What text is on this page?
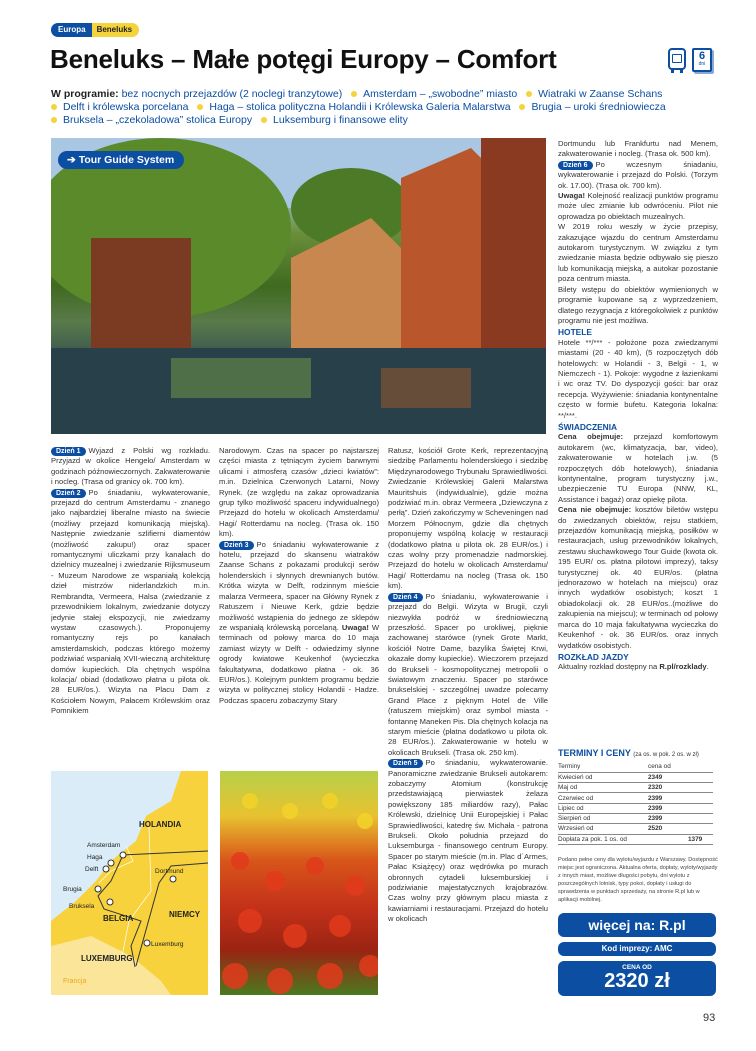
Europa	Beneluks
Beneluks – Małe potęgi Europy – Comfort	6
dni
W programie: bez nocnych przejazdów (2 noclegi tranzytowe) Amsterdam – „swobodne” miasto Wiatraki w Zaanse Schans
Delft i królewska porcelana Haga – stolica polityczna Holandii i Królewska Galeria Malarstwa Brugia – uroki średniowiecza
Bruksela – „czekoladowa” stolica Europy Luksemburg i finansowe elity
➔ Tour Guide System

Dzień 1 Wyjazd z Polski wg rozkładu. Przyjazd w okolice Hengelo/ Amsterdam w godzinach późnowieczornych. Zakwaterowanie i nocleg. (Trasa od granicy ok. 700 km).

Dzień 2 Po śniadaniu, wykwaterowanie, przejazd do centrum Amsterdamu - znanego jako najbardziej liberalne miasto na świecie (możliwy przejazd komunikacją miejską). Następnie zwiedzanie szlifierni diamentów (możliwość zakupu!) oraz spacer romantycznymi uliczkami przy kanałach do dzielnicy muzealnej i zwiedzanie Rijksmuseum - Muzeum Narodowe ze wspaniałą kolekcją dzieł mistrzów niderlandzkich m.in. Rembrandta, Vermeera, Halsa (zwiedzanie z przewodnikiem lokalnym, zwiedzanie dotyczy jedynie stałej ekspozycji, nie zwiedzamy wystaw czasowych.). Proponujemy romantyczny rejs po kanałach amsterdamskich, podczas którego możemy podziwiać wspaniałą XVII-wieczną architekturę domów kupieckich. Dla chętnych wspólna kolacja/ obiad (dodatkowo płatna u pilota ok. 28 EUR/os.). Wizyta na Placu Dam z Kościołem Nowym, Pałacem Królewskim oraz Pomnikiem

Narodowym. Czas na spacer po najstarszej części miasta z tętniącym życiem barwnymi ulicami i atmosferą czasów „dzieci kwiatów”: m.in. Dzielnica Czerwonych Latarni, Nowy Rynek. (ze względu na zakaz oprowadzania grup tylko możliwość spaceru indywidualnego) Przejazd do hotelu w okolicach Amsterdamu/ Hagi/ Rotterdamu na nocleg. (Trasa ok. 150 km).

Dzień 3 Po śniadaniu wykwaterowanie z hotelu, przejazd do skansenu wiatraków Zaanse Schans z pokazami produkcji serów holenderskich i słynnych drewnianych butów. Krótka wizyta w Delft, rodzinnym mieście malarza Vermeera, spacer na Główny Rynek z Ratuszem i Nieuwe Kerk, gdzie będzie możliwość wstąpienia do jednego ze sklepów ze wspaniałą królewską porcelaną. Uwaga! W terminach od połowy marca do 10 maja zamiast wizyty w Delft - odwiedzimy słynne ogrody kwiatowe Keukenhof (wycieczka fakultatywna, dodatkowo płatna - ok. 36 EUR/os.). Kolejnym punktem programu będzie wizyta w politycznej stolicy Holandii - Hadze. Podczas spaceru zobaczymy Stary

Ratusz, kościół Grote Kerk, reprezentacyjną siedzibę Parlamentu holenderskiego i siedzibę Międzynarodowego Trybunału Sprawiedliwości. Zwiedzanie Królewskiej Galerii Malarstwa Mauritshuis (indywidualnie), gdzie można podziwiać m.in. obraz Vermeera „Dziewczyna z perłą”. Dzień zakończymy w Scheveningen nad Morzem Północnym, gdzie dla chętnych proponujemy wspólną kolację w restauracji (dodatkowo płatna u pilota ok. 28 EUR/os.) i czas wolny przy promenadzie nadmorskiej. Przejazd do hotelu w okolicach Amsterdamu/ Hagi/ Rotterdamu na nocleg (Trasa ok. 150 km).

Dzień 4 Po śniadaniu, wykwaterowanie i przejazd do Belgii. Wizyta w Brugii, czyli niezwykła podróż w średniowieczną przeszłość. Spacer po urokliwej, pięknie zachowanej starówce (rynek Grote Markt, kościół Notre Dame, bazylika Świętej Krwi, okazałe domy kupieckie). Wieczorem przejazd do Brukseli - kosmopolitycznej metropolii o światowym znaczeniu. Spacer po starówce brukselskiej - szczególnej uwadze polecamy Grand Place z pięknym Hotel de Ville (ratuszem miejskim) oraz symbol miasta - fontannę Maneken Pis. Dla chętnych kolacja na starym mieście (płatna dodatkowo u pilota ok. 28 EUR/os.). Zakwaterowanie w hotelu w okolicach Brukseli. (Trasa ok. 250 km).

Dzień 5 Po śniadaniu, wykwaterowanie. Panoramiczne zwiedzanie Brukseli autokarem: zobaczymy Atomium (konstrukcję przedstawiającą pierwiastek żelaza powiększony 185 miliardów razy), Pałac Królewski, dzielnicę Unii Europejskiej i Pałac Sprawiedliwości, katedrę św. Michała - patrona Brukseli. Około południa przejazd do Luksemburga - finansowego centrum Europy. Spacer po starym mieście (m.in. Plac d´Armes, Pałac Książęcy) oraz wędrówka po murach obronnych cytadeli luksemburskiej i podziwianie majestatycznych krajobrazów. Czas wolny przy głównym placu miasta z kawiarniami i restauracjami. Przejazd do hotelu w okolicach

Dortmundu lub Frankfurtu nad Menem, zakwaterowanie i nocleg. (Trasa ok. 500 km).

Dzień 6 Po wczesnym śniadaniu, wykwaterowanie i przejazd do Polski. (Torzym ok. 17.00). (Trasa ok. 700 km).

Uwaga! Kolejność realizacji punktów programu może ulec zmianie lub odwróceniu. Pilot nie oprowadza po obiektach muzealnych.

W 2019 roku weszły w życie przepisy, zakazujące wjazdu do centrum Amsterdamu autokarom turystycznym. W związku z tym zwiedzanie miasta będzie odbywało się pieszo lub komunikacją miejską, a autokar pozostanie poza centrum miasta.

Bilety wstępu do obiektów wymienionych w programie kupowane są z wyprzedzeniem, dlatego rezygnacja z któregokolwiek z punktów programu nie jest możliwa.

HOTELE

Hotele **/*** - położone poza zwiedzanymi miastami (20 - 40 km), (5 rozpoczętych dób hotelowych: w Holandii - 3, Belgii - 1, w Niemczech - 1). Pokoje: wygodne z łazienkami i wc oraz TV. Do dyspozycji gości: bar oraz recepcja. Wyżywienie: śniadania kontynentalne często w formie bufetu. Kategoria lokalna: **/***.

ŚWIADCZENIA

Cena obejmuje: przejazd komfortowym autokarem (wc, klimatyzacja, bar, video), zakwaterowanie w hotelach j.w. (5 rozpoczętych dób hotelowych), śniadania kontynentalne, program turystyczny j.w., ubezpieczenie TU Europa (NNW, KL, Assistance i bagaż) oraz opiekę pilota.

Cena nie obejmuje: kosztów biletów wstępu do zwiedzanych obiektów, rejsu statkiem, przejazdów komunikacją miejską, posiłków w restauracjach, usług przewodników lokalnych, zestawu słuchawkowego Tour Guide (kwota ok. 195 EUR/ os. płatna pilotowi imprezy), taksy turystycznej ok. 40 EUR/os. (płatna jednorazowo w hotelach na miejscu) oraz innych wydatków osobistych; koszt 1 obiadokolacji ok. 28 EUR/os..(możliwe do zakupienia na miejscu); w terminach od połowy marca do 10 maja fakultatywna wycieczka do Keukenhof - ok. 36 EUR/os. oraz innych wydatków osobistych.

ROZKŁAD JAZDY

Aktualny rozkład dostępny na R.pl/rozklady.

HOLANDIA
BELGIA	NIEMCY
LUXEMBURG
Francja
Amsterdam
Haga
Delft
Brugia
Bruksela
Dortmund
Luxemburg
TERMINY I CENY (za os. w pok. 2 os. w zł)
Terminy	cena od	
Kwiecień od	2349	
Maj od	2320	
Czerwiec od	2399	
Lipiec od	2399	
Sierpień od	2399	
Wrzesień od	2520	
Dopłata za pok. 1 os. od		1379
Podano pełne ceny dla wylotu/wyjazdu z Warszawy. Dostępność miejsc jest ograniczona. Aktualna oferta, dopłaty, wyloty/wyjazdy z innych miast, możliwe długości pobytu, dni wylotu z poszczególnych lotnisk, typy pokoi, dopłaty i usługi do sprawdzenia w punktach sprzedaży, na stronie R.pl lub w aplikacji mobilnej.
więcej na: R.pl
Kod imprezy: AMC
CENA OD
2320 zł
93
